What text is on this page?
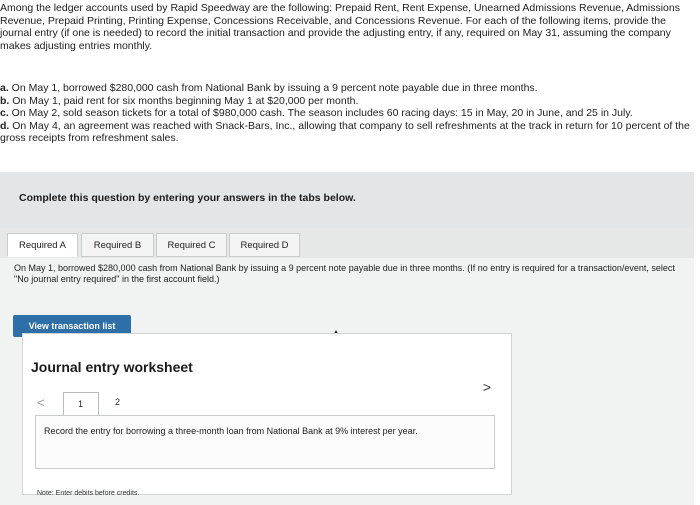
Among the ledger accounts used by Rapid Speedway are the following: Prepaid Rent, Rent Expense, Unearned Admissions Revenue, Admissions Revenue, Prepaid Printing, Printing Expense, Concessions Receivable, and Concessions Revenue. For each of the following items, provide the journal entry (if one is needed) to record the initial transaction and provide the adjusting entry, if any, required on May 31, assuming the company makes adjusting entries monthly.

a. On May 1, borrowed $280,000 cash from National Bank by issuing a 9 percent note payable due in three months.

b. On May 1, paid rent for six months beginning May 1 at $20,000 per month.

c. On May 2, sold season tickets for a total of $980,000 cash. The season includes 60 racing days: 15 in May, 20 in June, and 25 in July.

d. On May 4, an agreement was reached with Snack-Bars, Inc., allowing that company to sell refreshments at the track in return for 10 percent of the gross receipts from refreshment sales.

Complete this question by entering your answers in the tabs below.
Required A	Required B	Required C	Required D
On May 1, borrowed $280,000 cash from National Bank by issuing a 9 percent note payable due in three months. (If no entry is required for a transaction/event, select "No journal entry required" in the first account field.)
View transaction list
Journal entry worksheet
<
>
1	2
Record the entry for borrowing a three-month loan from National Bank at 9% interest per year.
Note: Enter debits before credits.
